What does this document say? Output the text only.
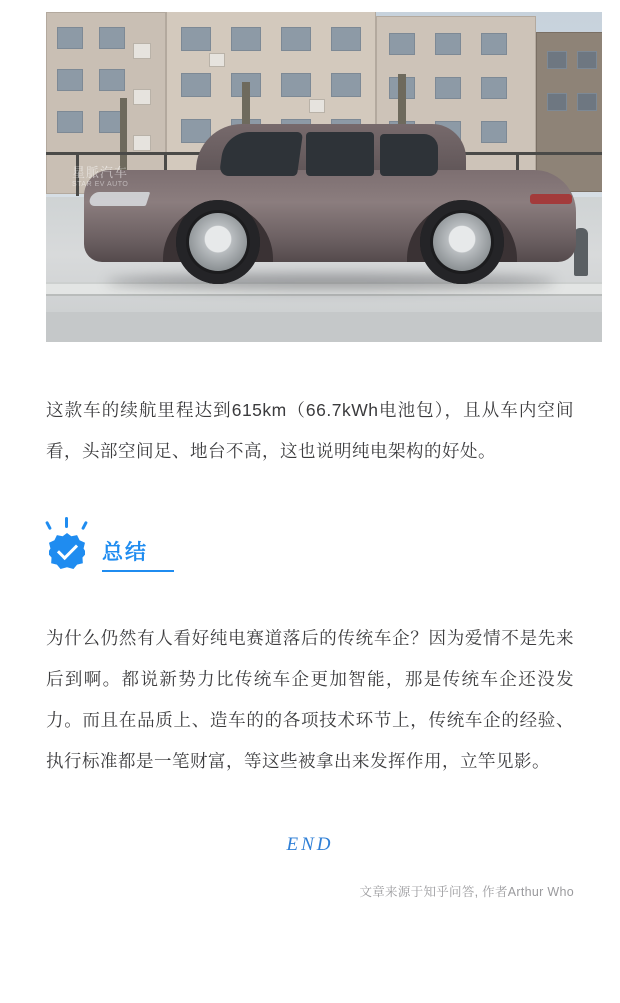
星脈汽车
STAR EV AUTO

这款车的续航里程达到615km（66.7kWh电池包），且从车内空间看，头部空间足、地台不高，这也说明纯电架构的好处。

总结

为什么仍然有人看好纯电赛道落后的传统车企？因为爱情不是先来后到啊。都说新势力比传统车企更加智能，那是传统车企还没发力。而且在品质上、造车的的各项技术环节上，传统车企的经验、执行标准都是一笔财富，等这些被拿出来发挥作用，立竿见影。

END
文章来源于知乎问答, 作者Arthur Who
